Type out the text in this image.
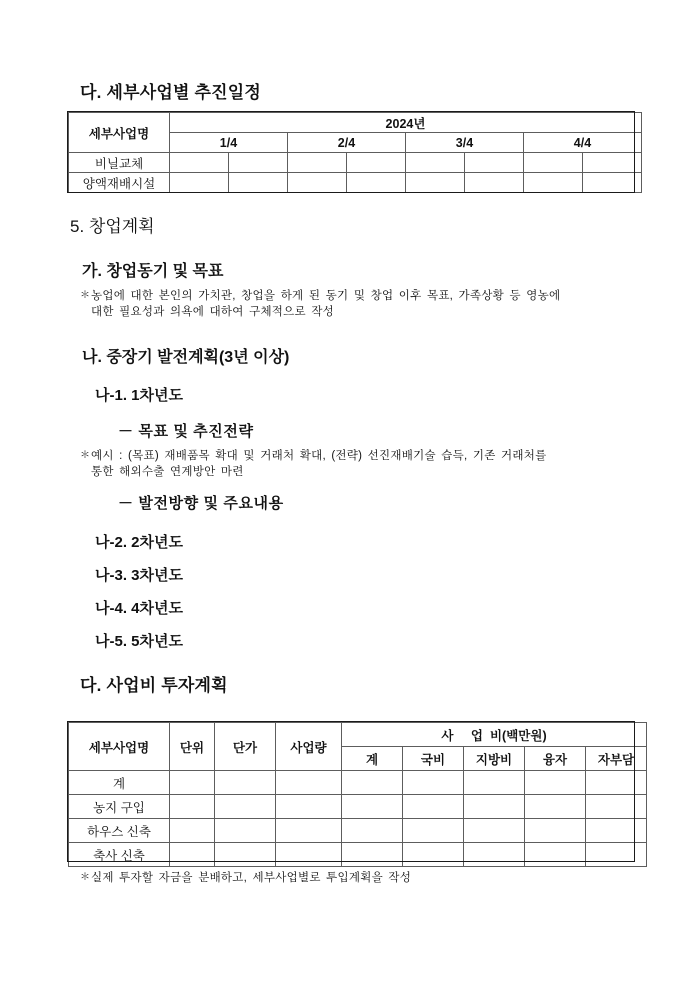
다. 세부사업별 추진일정
세부사업명	2024년							
	1/4		2/4		3/4		4/4	
비닐교체								
양액재배시설								
5. 창업계획
가. 창업동기 및 목표
＊ 농업에 대한 본인의 가치관, 창업을 하게 된 동기 및 창업 이후 목표, 가족상황 등 영농에
대한 필요성과 의욕에 대하여 구체적으로 작성
나. 중장기 발전계획(3년 이상)
나-1. 1차년도
－ 목표 및 추진전략
＊ 예시 : (목표) 재배품목 확대 및 거래처 확대, (전략) 선진재배기술 습득, 기존 거래처를
통한 해외수출 연계방안 마련
－ 발전방향 및 주요내용
나-2. 2차년도
나-3. 3차년도
나-4. 4차년도
나-5. 5차년도
다. 사업비 투자계획
세부사업명	단위	단가	사업량	사 업비(백만원)				
				계	국비	지방비	융자	자부담
계								
농지 구입								
하우스 신축								
축사 신축								
＊ 실제 투자할 자금을 분배하고, 세부사업별로 투입계획을 작성
